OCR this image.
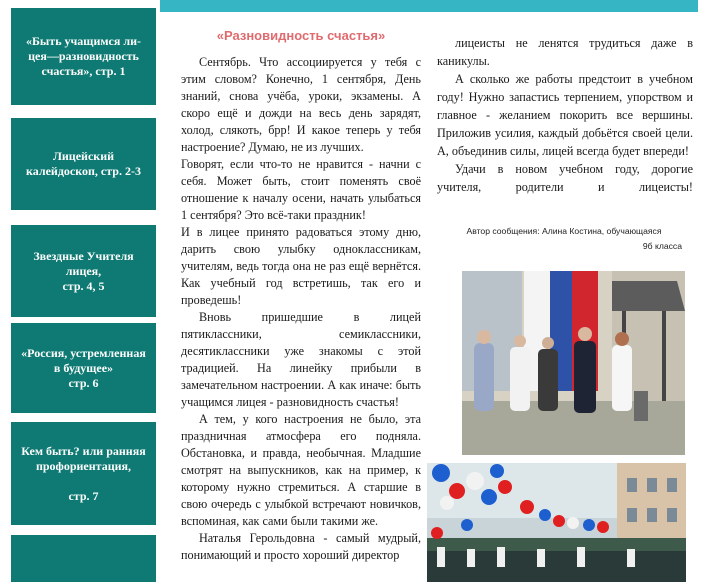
«Быть учащимся ли-
цея—разновидность
счастья», стр. 1
Лицейский
калейдоскоп, стр. 2-3
Звездные Учителя
лицея,
стр. 4, 5
«Россия, устремленная
в будущее»
стр. 6
Кем быть? или ранняя
профориентация,

стр. 7
«Разновидность счастья»

Сентябрь. Что ассоциируется у тебя с этим словом? Конечно, 1 сентября, День знаний, снова учёба, уроки, экзамены. А скоро ещё и дожди на весь день зарядят, холод, слякоть, брр! И какое теперь у тебя настроение? Думаю, не из лучших.

Говорят, если что-то не нравится - начни с себя. Может быть, стоит поменять своё отношение к началу осени, начать улыбаться 1 сентября? Это всё-таки праздник!

И в лицее принято радоваться этому дню, дарить свою улыбку одноклассникам, учителям, ведь тогда она не раз ещё вернётся. Как учебный год встретишь, так его и проведешь!

Вновь пришедшие в лицей пятиклассники, семиклассники, десятиклассники уже знакомы с этой традицией. На линейку прибыли в замечательном настроении. А как иначе: быть учащимся лицея - разновидность счастья!

А тем, у кого настроения не было, эта праздничная атмосфера его подняла. Обстановка, и правда, необычная. Младшие смотрят на выпускников, как на пример, к которому нужно стремиться. А старшие в свою очередь с улыбкой встречают новичков, вспоминая, как сами были такими же.

Наталья Герольдовна - самый мудрый, понимающий и просто хороший директор

лицеисты не ленятся трудиться даже в каникулы.

А сколько же работы предстоит в учебном году! Нужно запастись терпением, упорством и главное - желанием покорить все вершины. Приложив усилия, каждый добьётся своей цели. А, объединив силы, лицей всегда будет впереди!

Удачи в новом учебном году, дорогие учителя, родители и лицеисты!

Автор сообщения: Алина Костина, обучающаяся
9б класса
